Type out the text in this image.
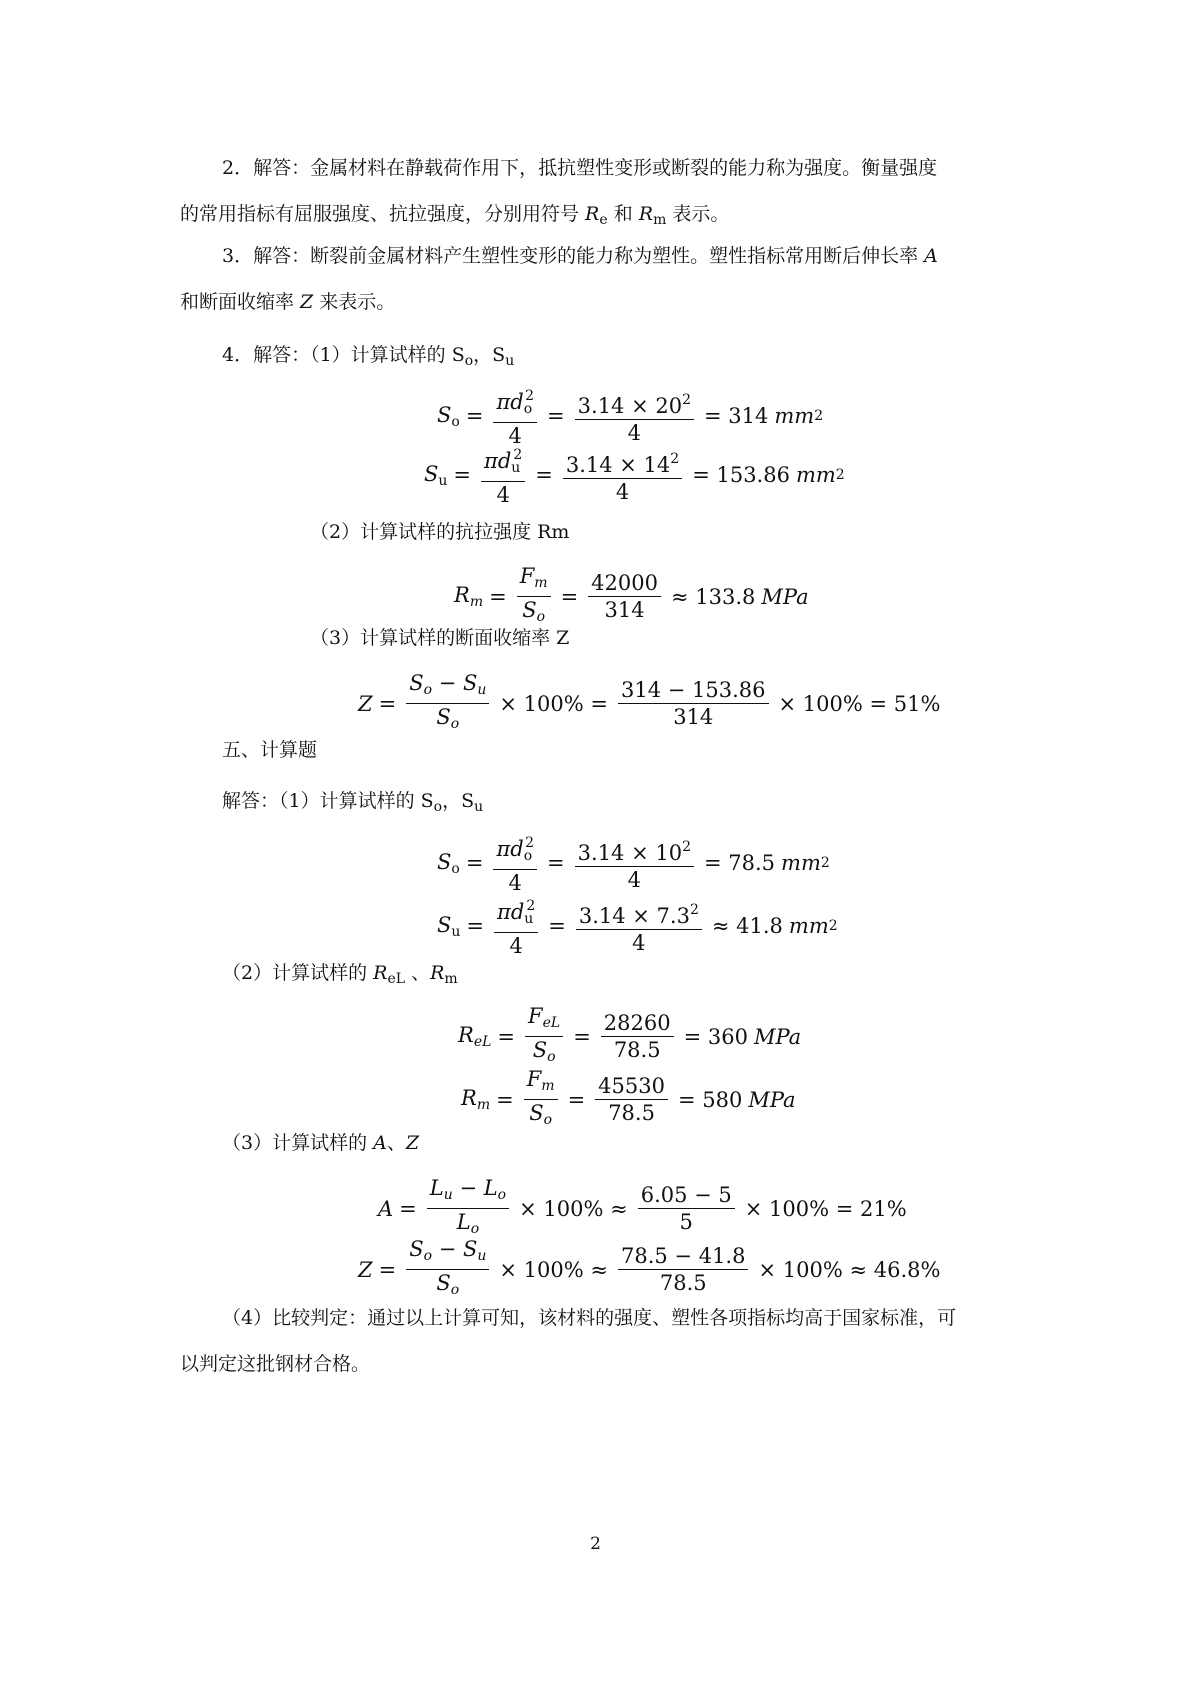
2．解答：金属材料在静载荷作用下，抵抗塑性变形或断裂的能力称为强度。衡量强度
的常用指标有屈服强度、抗拉强度，分别用符号 $R_e$ 和 $R_m$ 表示。
3．解答：断裂前金属材料产生塑性变形的能力称为塑性。塑性指标常用断后伸长率 A
和断面收缩率 Z 来表示。
4．解答：（1）计算试样的 $S_o$，$S_u$
$S_o = \frac{\pi d_o^2}{4} = \frac{3.14 \times 20^2}{4} = 314$ mm 2
$S_u = \frac{\pi d_u^2}{4} = \frac{3.14 \times 14^2}{4} = 153.86$ mm 2
（2）计算试样的抗拉强度 Rm
$R_m = \frac{F_m}{S_o} = \frac{42000}{314} \approx 133.8$ MPa
（3）计算试样的断面收缩率 Z
$Z = \frac{S_o - S_u}{S_o} \times 100\% = \frac{314 - 153.86}{314} \times 100\% = 51\%$
五、计算题
解答：（1）计算试样的 $S_o$，$S_u$
$S_o = \frac{\pi d_o^2}{4} = \frac{3.14 \times 10^2}{4} = 78.5$ mm 2
$S_u = \frac{\pi d_u^2}{4} = \frac{3.14 \times 7.3^2}{4} \approx 41.8$ mm 2
（2）计算试样的 $R_{eL}$ 、$R_m$
$R_{eL} = \frac{F_{eL}}{S_o} = \frac{28260}{78.5} = 360$ MPa
$R_m = \frac{F_m}{S_o} = \frac{45530}{78.5} = 580$ MPa
（3）计算试样的 A、Z
$A = \frac{L_u - L_o}{L_o} \times 100\% \approx \frac{6.05 - 5}{5} \times 100\% = 21\%$
$Z = \frac{S_o - S_u}{S_o} \times 100\% \approx \frac{78.5 - 41.8}{78.5} \times 100\% \approx 46.8\%$
（4）比较判定：通过以上计算可知，该材料的强度、塑性各项指标均高于国家标准，可
以判定这批钢材合格。
2
